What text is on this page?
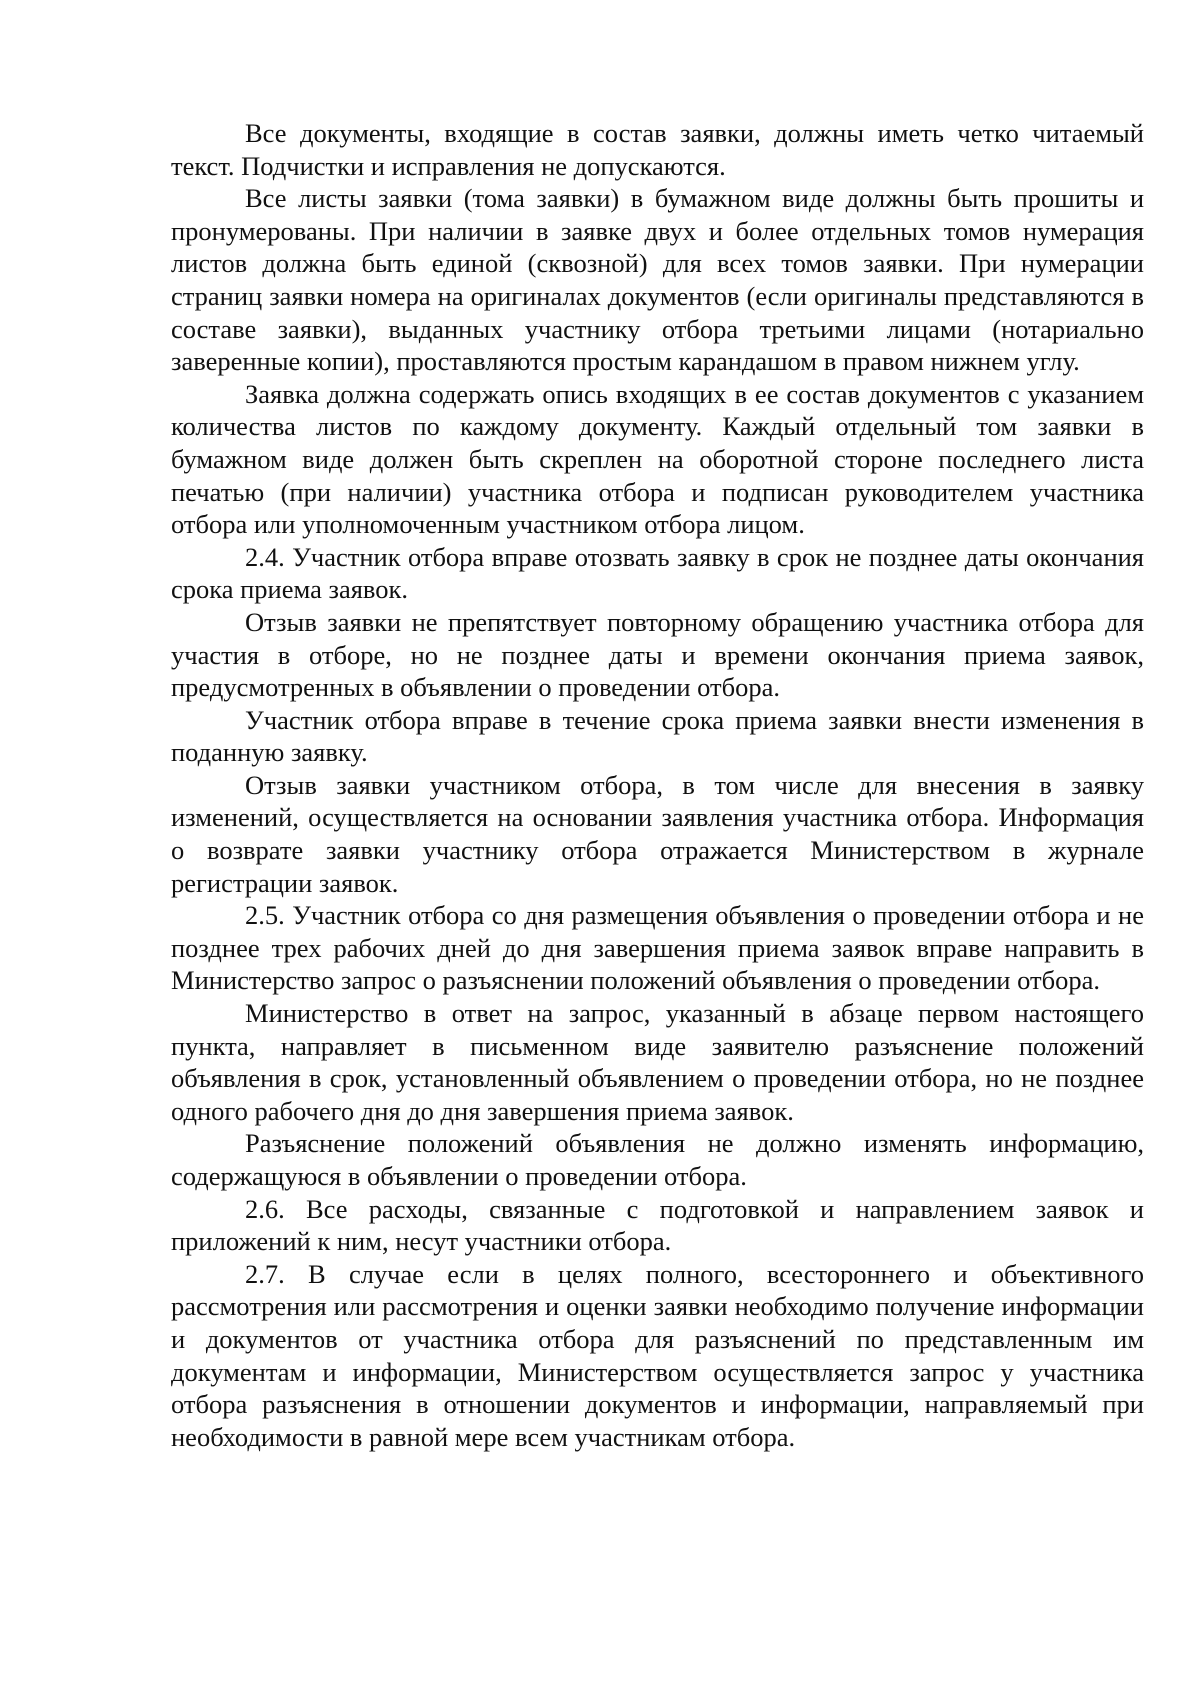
Все документы, входящие в состав заявки, должны иметь четко читаемый текст. Подчистки и исправления не допускаются.

Все листы заявки (тома заявки) в бумажном виде должны быть прошиты и пронумерованы. При наличии в заявке двух и более отдельных томов нумерация листов должна быть единой (сквозной) для всех томов заявки. При нумерации страниц заявки номера на оригиналах документов (если оригиналы представляются в составе заявки), выданных участнику отбора третьими лицами (нотариально заверенные копии), проставляются простым карандашом в правом нижнем углу.

Заявка должна содержать опись входящих в ее состав документов с указанием количества листов по каждому документу. Каждый отдельный том заявки в бумажном виде должен быть скреплен на оборотной стороне последнего листа печатью (при наличии) участника отбора и подписан руководителем участника отбора или уполномоченным участником отбора лицом.

2.4. Участник отбора вправе отозвать заявку в срок не позднее даты окончания срока приема заявок.

Отзыв заявки не препятствует повторному обращению участника отбора для участия в отборе, но не позднее даты и времени окончания приема заявок, предусмотренных в объявлении о проведении отбора.

Участник отбора вправе в течение срока приема заявки внести изменения в поданную заявку.

Отзыв заявки участником отбора, в том числе для внесения в заявку изменений, осуществляется на основании заявления участника отбора. Информация о возврате заявки участнику отбора отражается Министерством в журнале регистрации заявок.

2.5. Участник отбора со дня размещения объявления о проведении отбора и не позднее трех рабочих дней до дня завершения приема заявок вправе направить в Министерство запрос о разъяснении положений объявления о проведении отбора.

Министерство в ответ на запрос, указанный в абзаце первом настоящего пункта, направляет в письменном виде заявителю разъяснение положений объявления в срок, установленный объявлением о проведении отбора, но не позднее одного рабочего дня до дня завершения приема заявок.

Разъяснение положений объявления не должно изменять информацию, содержащуюся в объявлении о проведении отбора.

2.6. Все расходы, связанные с подготовкой и направлением заявок и приложений к ним, несут участники отбора.

2.7. В случае если в целях полного, всестороннего и объективного рассмотрения или рассмотрения и оценки заявки необходимо получение информации и документов от участника отбора для разъяснений по представленным им документам и информации, Министерством осуществляется запрос у участника отбора разъяснения в отношении документов и информации, направляемый при необходимости в равной мере всем участникам отбора.
